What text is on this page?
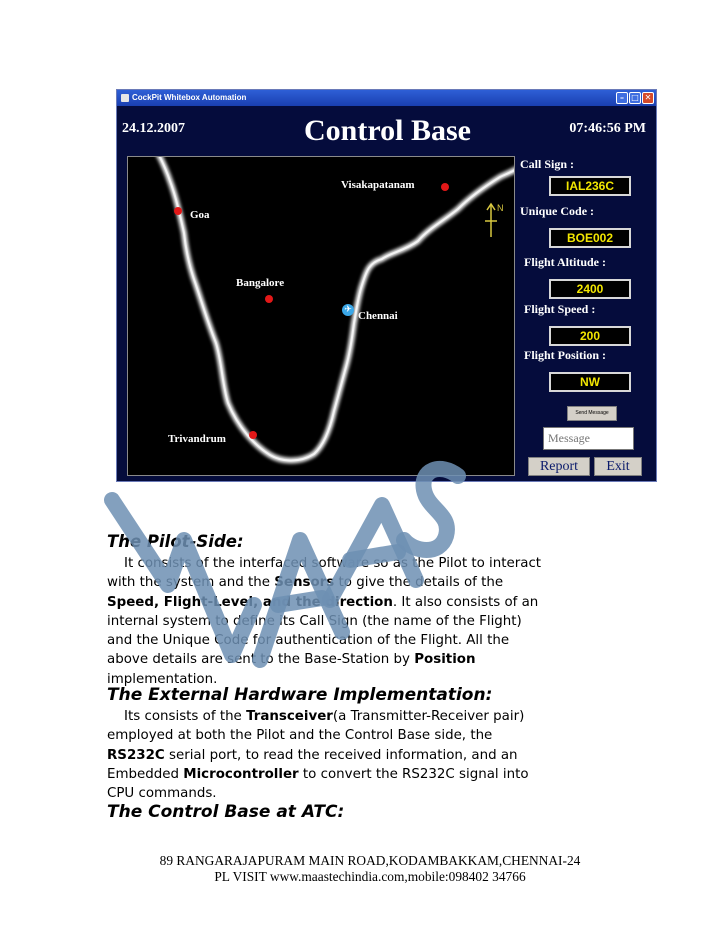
CockPit Whitebox Automation	– □ ✕
24.12.2007	Control Base	07:46:56 PM
Visakapatanam
Goa
Bangalore
✈ Chennai
Trivandrum
N
Call Sign :
IAL236C
Unique Code :
BOE002
Flight Altitude :
2400
Flight Speed :
200
Flight Position :
NW
Send Message
Message
Report	Exit
The Pilot-Side:
It consists of the interfaced software so as the Pilot to interact
with the system and the Sensors to give the details of the
Speed, Flight-Level, and the direction. It also consists of an
internal system to define its Call Sign (the name of the Flight)
and the Unique Code for authentication of the Flight. All the
above details are sent to the Base-Station by Position
implementation.
The External Hardware Implementation:
Its consists of the Transceiver(a Transmitter-Receiver pair)
employed at both the Pilot and the Control Base side, the
RS232C serial port, to read the received information, and an
Embedded Microcontroller to convert the RS232C signal into
CPU commands.
The Control Base at ATC:
89 RANGARAJAPURAM MAIN ROAD,KODAMBAKKAM,CHENNAI-24
PL VISIT www.maastechindia.com,mobile:098402 34766
